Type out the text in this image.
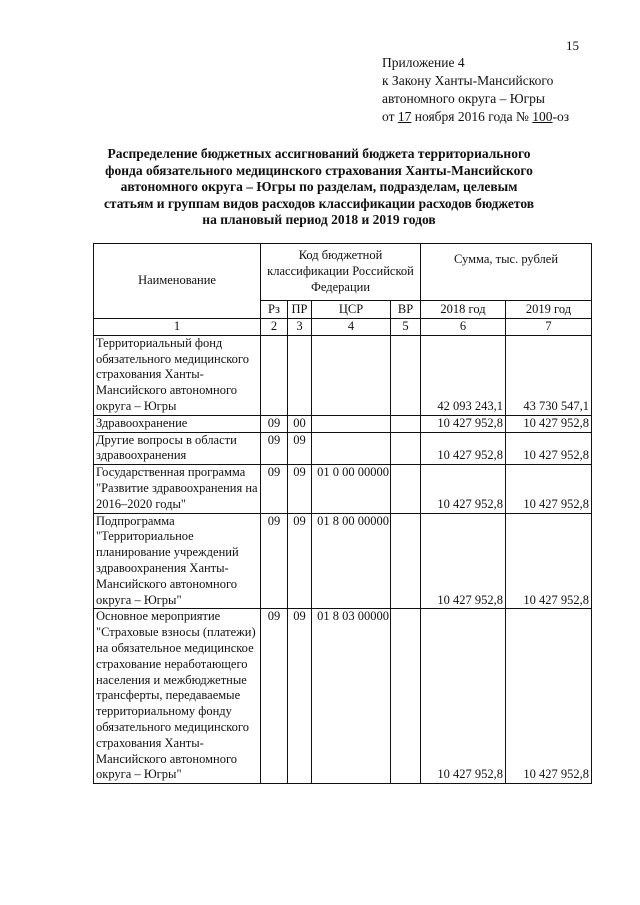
15
Приложение 4
к Закону Ханты-Мансийского
автономного округа – Югры
от 17 ноября 2016 года № 100-оз
Распределение бюджетных ассигнований бюджета территориального фонда обязательного медицинского страхования Ханты-Мансийского автономного округа – Югры по разделам, подразделам, целевым статьям и группам видов расходов классификации расходов бюджетов на плановый период 2018 и 2019 годов
Наименование	Код бюджетной классификации Российской Федерации				Сумма, тыс. рублей	
	Рз	ПР	ЦСР	ВР	2018 год	2019 год
1	2	3	4	5	6	7
Территориальный фонд обязательного медицинского страхования Ханты-Мансийского автономного округа – Югры					42 093 243,1	43 730 547,1
Здравоохранение	09	00			10 427 952,8	10 427 952,8
Другие вопросы в области здравоохранения	09	09			10 427 952,8	10 427 952,8
Государственная программа "Развитие здравоохранения на 2016–2020 годы"	09	09	01 0 00 00000		10 427 952,8	10 427 952,8
Подпрограмма "Территориальное планирование учреждений здравоохранения Ханты-Мансийского автономного округа – Югры"	09	09	01 8 00 00000		10 427 952,8	10 427 952,8
Основное мероприятие "Страховые взносы (платежи) на обязательное медицинское страхование неработающего населения и межбюджетные трансферты, передаваемые территориальному фонду обязательного медицинского страхования Ханты-Мансийского автономного округа – Югры"	09	09	01 8 03 00000		10 427 952,8	10 427 952,8
